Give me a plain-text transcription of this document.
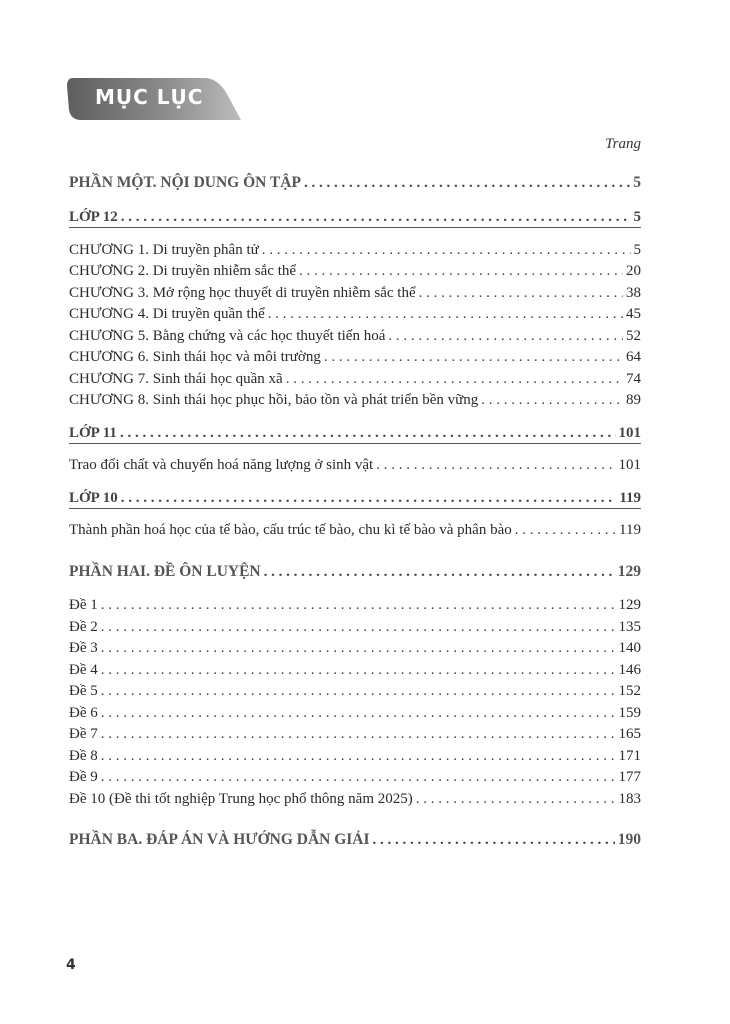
MỤC LỤC
Trang
PHẦN MỘT. NỘI DUNG ÔN TẬP . . .	5
LỚP 12 . . .	5
CHƯƠNG 1. Di truyền phân tử . . .	5
CHƯƠNG 2. Di truyền nhiễm sắc thể . . .	20
CHƯƠNG 3. Mở rộng học thuyết di truyền nhiễm sắc thể . . .	38
CHƯƠNG 4. Di truyền quần thể . . .	45
CHƯƠNG 5. Bằng chứng và các học thuyết tiến hoá . . .	52
CHƯƠNG 6. Sinh thái học và môi trường . . .	64
CHƯƠNG 7. Sinh thái học quần xã . . .	74
CHƯƠNG 8. Sinh thái học phục hồi, bảo tồn và phát triển bền vững . . .	89
LỚP 11 . . .	101
Trao đổi chất và chuyển hoá năng lượng ở sinh vật . . .	101
LỚP 10 . . .	119
Thành phần hoá học của tế bào, cấu trúc tế bào, chu kì tế bào và phân bào . . .	119
PHẦN HAI. ĐỀ ÔN LUYỆN . . .	129
Đề 1 . . .	129
Đề 2 . . .	135
Đề 3 . . .	140
Đề 4 . . .	146
Đề 5 . . .	152
Đề 6 . . .	159
Đề 7 . . .	165
Đề 8 . . .	171
Đề 9 . . .	177
Đề 10 (Đề thi tốt nghiệp Trung học phổ thông năm 2025) . . .	183
PHẦN BA. ĐÁP ÁN VÀ HƯỚNG DẪN GIẢI . . .	190
4
